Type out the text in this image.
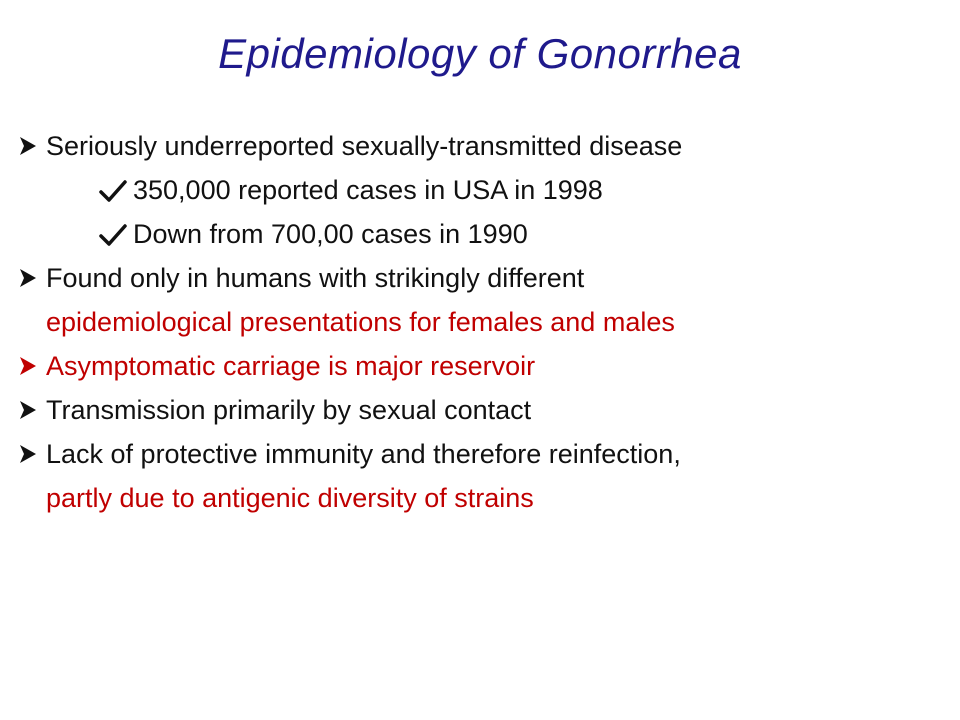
Epidemiology of Gonorrhea
Seriously underreported sexually-transmitted disease
350,000 reported cases in USA in 1998
Down from 700,00 cases in 1990
Found only in humans with strikingly different
epidemiological presentations for females and males
Asymptomatic carriage is major reservoir
Transmission primarily by sexual contact
Lack of protective immunity and therefore reinfection,
partly due to antigenic diversity of strains
